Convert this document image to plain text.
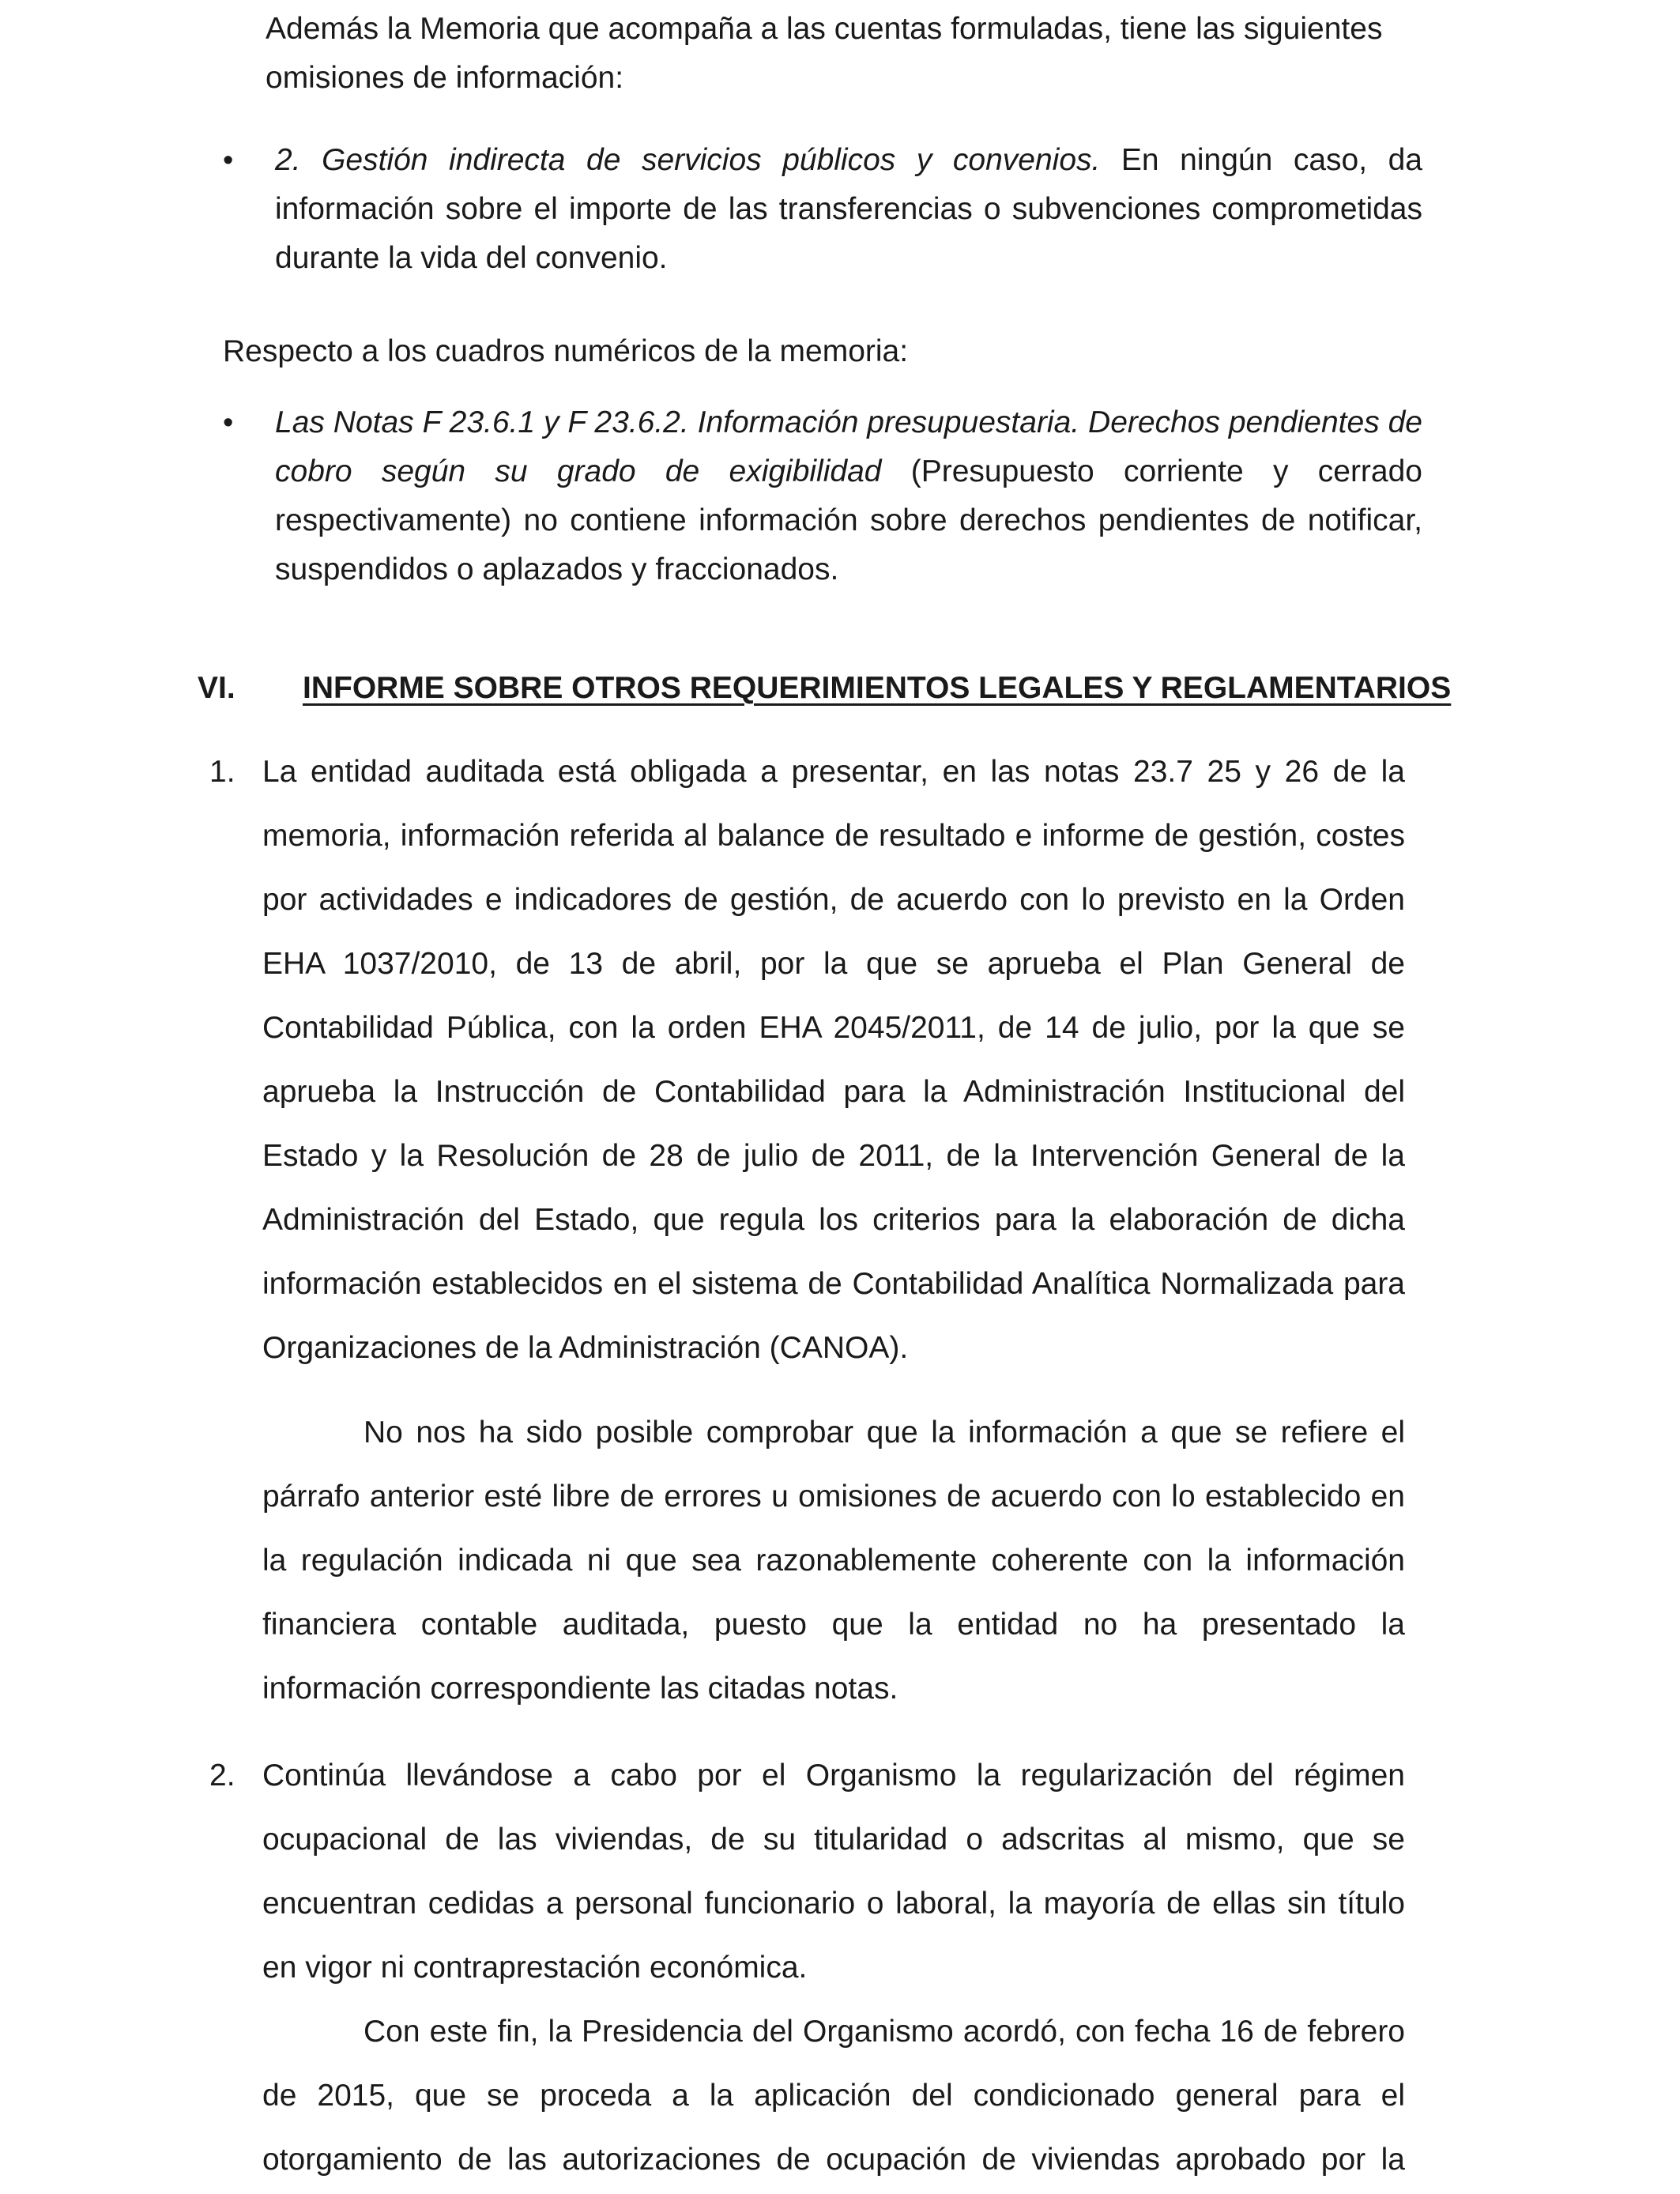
Además la Memoria que acompaña a las cuentas formuladas, tiene las siguientes
omisiones de información:
• 2. Gestión indirecta de servicios públicos y convenios. En ningún caso, da información sobre el importe de las transferencias o subvenciones comprometidas durante la vida del convenio.
Respecto a los cuadros numéricos de la memoria:
• Las Notas F 23.6.1 y F 23.6.2. Información presupuestaria. Derechos pendientes de cobro según su grado de exigibilidad (Presupuesto corriente y cerrado respectivamente) no contiene información sobre derechos pendientes de notificar, suspendidos o aplazados y fraccionados.
VI. INFORME SOBRE OTROS REQUERIMIENTOS LEGALES Y REGLAMENTARIOS
1. La entidad auditada está obligada a presentar, en las notas 23.7 25 y 26 de la memoria, información referida al balance de resultado e informe de gestión, costes por actividades e indicadores de gestión, de acuerdo con lo previsto en la Orden EHA 1037/2010, de 13 de abril, por la que se aprueba el Plan General de Contabilidad Pública, con la orden EHA 2045/2011, de 14 de julio, por la que se aprueba la Instrucción de Contabilidad para la Administración Institucional del Estado y la Resolución de 28 de julio de 2011, de la Intervención General de la Administración del Estado, que regula los criterios para la elaboración de dicha información establecidos en el sistema de Contabilidad Analítica Normalizada para Organizaciones de la Administración (CANOA).
No nos ha sido posible comprobar que la información a que se refiere el párrafo anterior esté libre de errores u omisiones de acuerdo con lo establecido en la regulación indicada ni que sea razonablemente coherente con la información financiera contable auditada, puesto que la entidad no ha presentado la información correspondiente las citadas notas.
2. Continúa llevándose a cabo por el Organismo la regularización del régimen ocupacional de las viviendas, de su titularidad o adscritas al mismo, que se encuentran cedidas a personal funcionario o laboral, la mayoría de ellas sin título en vigor ni contraprestación económica.
Con este fin, la Presidencia del Organismo acordó, con fecha 16 de febrero de 2015, que se proceda a la aplicación del condicionado general para el otorgamiento de las autorizaciones de ocupación de viviendas aprobado por la
